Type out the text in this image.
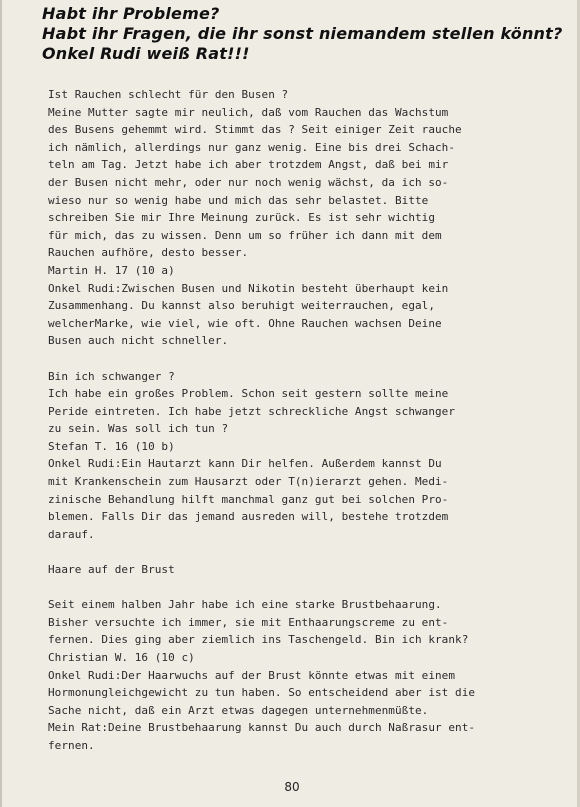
Habt ihr Probleme?
Habt ihr Fragen, die ihr sonst niemandem stellen könnt?
Onkel Rudi weiß Rat!!!
Ist Rauchen schlecht für den Busen ?
Meine Mutter sagte mir neulich, daß vom Rauchen das Wachstum
des Busens gehemmt wird. Stimmt das ? Seit einiger Zeit rauche
ich nämlich, allerdings nur ganz wenig. Eine bis drei Schach-
teln am Tag. Jetzt habe ich aber trotzdem Angst, daß bei mir
der Busen nicht mehr, oder nur noch wenig wächst, da ich so-
wieso nur so wenig habe und mich das sehr belastet. Bitte
schreiben Sie mir Ihre Meinung zurück. Es ist sehr wichtig
für mich, das zu wissen. Denn um so früher ich dann mit dem
Rauchen aufhöre, desto besser.
Martin H. 17 (10 a)
Onkel Rudi:Zwischen Busen und Nikotin besteht überhaupt kein
Zusammenhang. Du kannst also beruhigt weiterrauchen, egal,
welcherMarke, wie viel, wie oft. Ohne Rauchen wachsen Deine
Busen auch nicht schneller.
Bin ich schwanger ?
Ich habe ein großes Problem. Schon seit gestern sollte meine
Peride eintreten. Ich habe jetzt schreckliche Angst schwanger
zu sein. Was soll ich tun ?
Stefan T. 16 (10 b)
Onkel Rudi:Ein Hautarzt kann Dir helfen. Außerdem kannst Du
mit Krankenschein zum Hausarzt oder T(n)ierarzt gehen. Medi-
zinische Behandlung hilft manchmal ganz gut bei solchen Pro-
blemen. Falls Dir das jemand ausreden will, bestehe trotzdem
darauf.
Haare auf der Brust
Seit einem halben Jahr habe ich eine starke Brustbehaarung.
Bisher versuchte ich immer, sie mit Enthaarungscreme zu ent-
fernen. Dies ging aber ziemlich ins Taschengeld. Bin ich krank?
Christian W. 16 (10 c)
Onkel Rudi:Der Haarwuchs auf der Brust könnte etwas mit einem
Hormonungleichgewicht zu tun haben. So entscheidend aber ist die
Sache nicht, daß ein Arzt etwas dagegen unternehmenmüßte.
Mein Rat:Deine Brustbehaarung kannst Du auch durch Naßrasur ent-
fernen.
80
